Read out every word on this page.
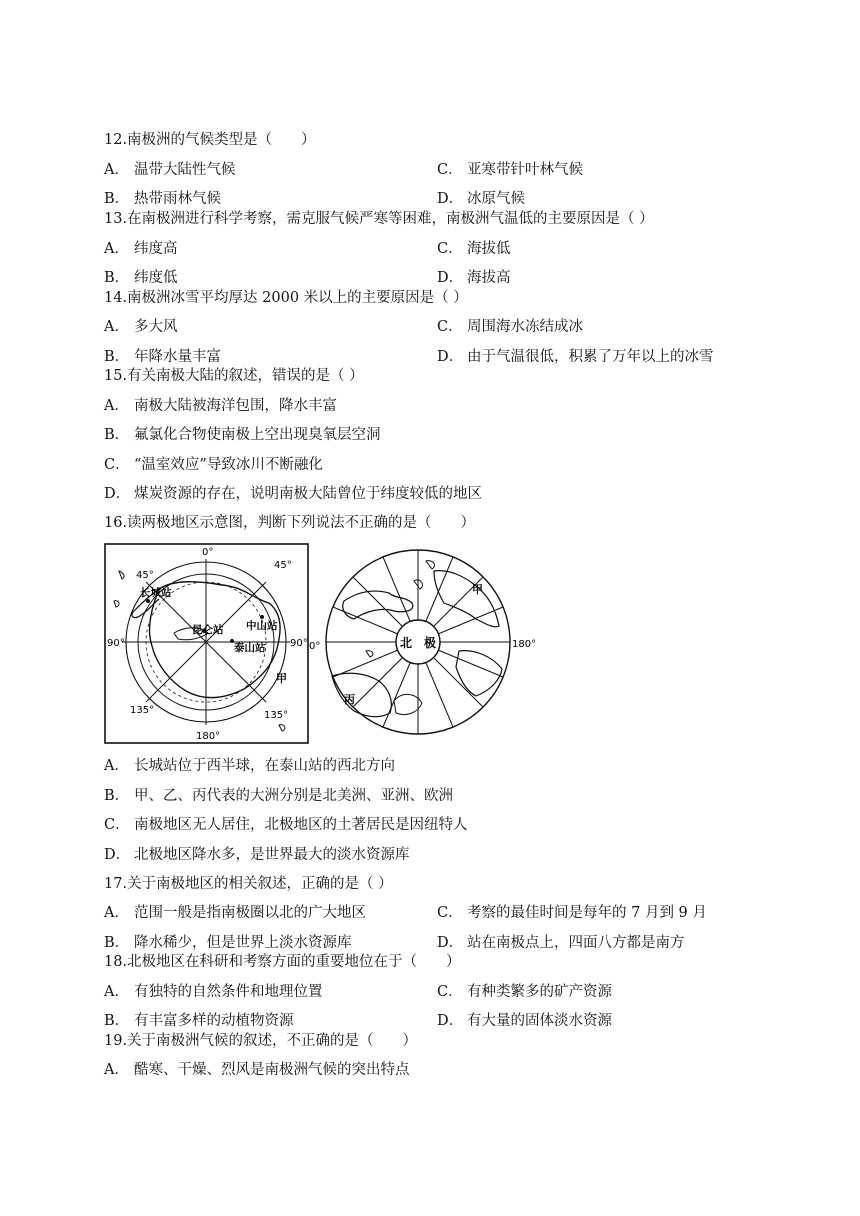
12.南极洲的气候类型是（　　）
A． 温带大陆性气候	C． 亚寒带针叶林气候
B． 热带雨林气候	D． 冰原气候
13.在南极洲进行科学考察，需克服气候严寒等困难，南极洲气温低的主要原因是（ ）
A． 纬度高	C． 海拔低
B． 纬度低	D． 海拔高
14.南极洲冰雪平均厚达 2000 米以上的主要原因是（ ）
A． 多大风	C． 周围海水冻结成冰
B． 年降水量丰富	D． 由于气温很低，积累了万年以上的冰雪
15.有关南极大陆的叙述，错误的是（ ）
A． 南极大陆被海洋包围，降水丰富
B． 氟氯化合物使南极上空出现臭氧层空洞
C． “温室效应”导致冰川不断融化
D． 煤炭资源的存在，说明南极大陆曾位于纬度较低的地区
16.读两极地区示意图，判断下列说法不正确的是（　　）
0°
45°
45°
90°	90°
135°	135°
180°
长城站
昆仑站 中山站
泰山站
甲
北　极
0°	180°
甲
丙
A． 长城站位于西半球，在泰山站的西北方向
B． 甲、乙、丙代表的大洲分别是北美洲、亚洲、欧洲
C． 南极地区无人居住，北极地区的土著居民是因纽特人
D． 北极地区降水多，是世界最大的淡水资源库
17.关于南极地区的相关叙述，正确的是（ ）
A． 范围一般是指南极圈以北的广大地区	C． 考察的最佳时间是每年的 7 月到 9 月
B． 降水稀少，但是世界上淡水资源库	D． 站在南极点上，四面八方都是南方
18.北极地区在科研和考察方面的重要地位在于（　　）
A． 有独特的自然条件和地理位置	C． 有种类繁多的矿产资源
B． 有丰富多样的动植物资源	D． 有大量的固体淡水资源
19.关于南极洲气候的叙述，不正确的是（　　）
A． 酷寒、干燥、烈风是南极洲气候的突出特点
